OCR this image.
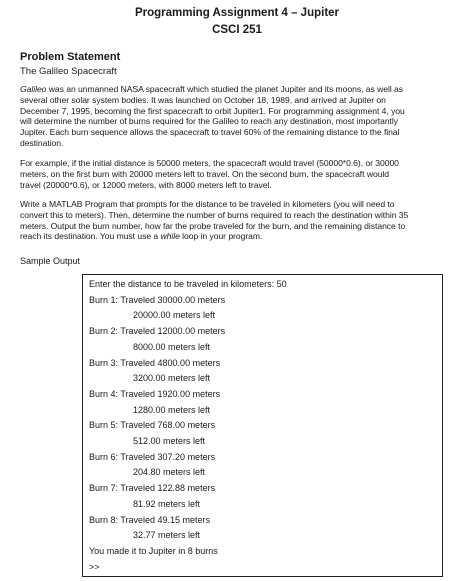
Programming Assignment 4 – Jupiter
CSCI 251
Problem Statement
The Galileo Spacecraft
Galileo was an unmanned NASA spacecraft which studied the planet Jupiter and its moons, as well as
several other solar system bodies. It was launched on October 18, 1989, and arrived at Jupiter on
December 7, 1995, becoming the first spacecraft to orbit Jupiter1. For programming assignment 4, you
will determine the number of burns required for the Galileo to reach any destination, most importantly
Jupiter. Each burn sequence allows the spacecraft to travel 60% of the remaining distance to the final
destination.
For example, if the initial distance is 50000 meters, the spacecraft would travel (50000*0.6), or 30000
meters, on the first burn with 20000 meters left to travel. On the second burn, the spacecraft would
travel (20000*0.6), or 12000 meters, with 8000 meters left to travel.
Write a MATLAB Program that prompts for the distance to be traveled in kilometers (you will need to
convert this to meters). Then, determine the number of burns required to reach the destination within 35
meters. Output the burn number, how far the probe traveled for the burn, and the remaining distance to
reach its destination. You must use a while loop in your program.
Sample Output
Enter the distance to be traveled in kilometers: 50
Burn 1: Traveled 30000.00 meters
20000.00 meters left
Burn 2: Traveled 12000.00 meters
8000.00 meters left
Burn 3: Traveled 4800.00 meters
3200.00 meters left
Burn 4: Traveled 1920.00 meters
1280.00 meters left
Burn 5: Traveled 768.00 meters
512.00 meters left
Burn 6: Traveled 307.20 meters
204.80 meters left
Burn 7: Traveled 122.88 meters
81.92 meters left
Burn 8: Traveled 49.15 meters
32.77 meters left
You made it to Jupiter in 8 burns
>>
